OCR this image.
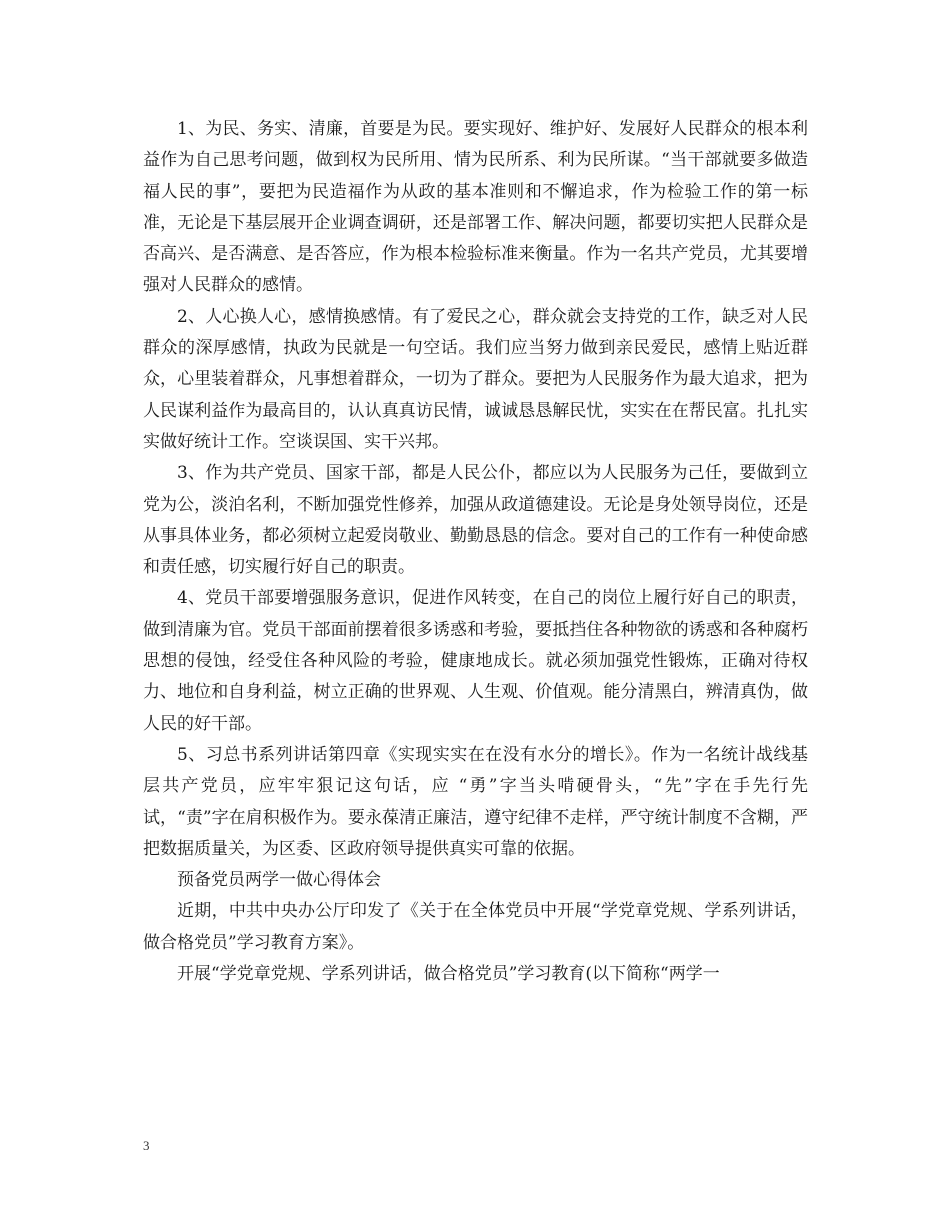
1、为民、务实、清廉，首要是为民。要实现好、维护好、发展好人民群众的根本利益作为自己思考问题，做到权为民所用、情为民所系、利为民所谋。“当干部就要多做造福人民的事”，要把为民造福作为从政的基本准则和不懈追求，作为检验工作的第一标准，无论是下基层展开企业调查调研，还是部署工作、解决问题，都要切实把人民群众是否高兴、是否满意、是否答应，作为根本检验标准来衡量。作为一名共产党员，尤其要增强对人民群众的感情。

2、人心换人心，感情换感情。有了爱民之心，群众就会支持党的工作，缺乏对人民群众的深厚感情，执政为民就是一句空话。我们应当努力做到亲民爱民，感情上贴近群众，心里装着群众，凡事想着群众，一切为了群众。要把为人民服务作为最大追求，把为人民谋利益作为最高目的，认认真真访民情，诚诚恳恳解民忧，实实在在帮民富。扎扎实实做好统计工作。空谈误国、实干兴邦。

3、作为共产党员、国家干部，都是人民公仆，都应以为人民服务为己任，要做到立党为公，淡泊名利，不断加强党性修养，加强从政道德建设。无论是身处领导岗位，还是从事具体业务，都必须树立起爱岗敬业、勤勤恳恳的信念。要对自己的工作有一种使命感和责任感，切实履行好自己的职责。

4、党员干部要增强服务意识，促进作风转变，在自己的岗位上履行好自己的职责，做到清廉为官。党员干部面前摆着很多诱惑和考验，要抵挡住各种物欲的诱惑和各种腐朽思想的侵蚀，经受住各种风险的考验，健康地成长。就必须加强党性锻炼，正确对待权力、地位和自身利益，树立正确的世界观、人生观、价值观。能分清黑白，辨清真伪，做人民的好干部。

5、习总书系列讲话第四章《实现实实在在没有水分的增长》。作为一名统计战线基层共产党员，应牢牢狠记这句话，应 “勇”字当头啃硬骨头，“先”字在手先行先试，“责”字在肩积极作为。要永葆清正廉洁，遵守纪律不走样，严守统计制度不含糊，严把数据质量关，为区委、区政府领导提供真实可靠的依据。

预备党员两学一做心得体会

近期，中共中央办公厅印发了《关于在全体党员中开展“学党章党规、学系列讲话，做合格党员”学习教育方案》。

开展“学党章党规、学系列讲话，做合格党员”学习教育(以下简称“两学一

3
